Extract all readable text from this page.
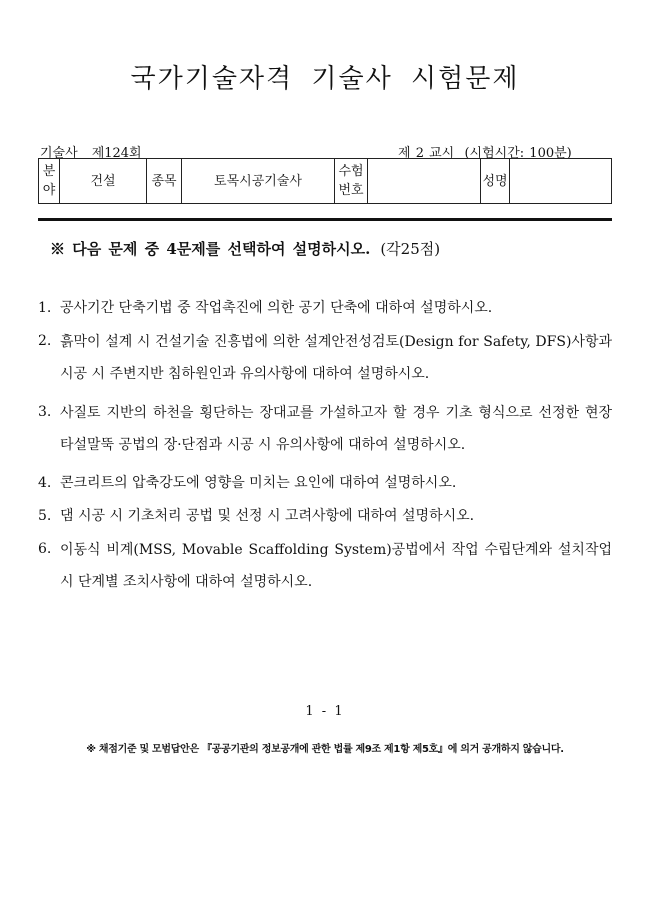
국가기술자격 기술사 시험문제
기술사 제124회	제 2 교시 (시험시간: 100분)
분야	건설	종목	토목시공기술사	수험번호		성명	
※ 다음 문제 중 4문제를 선택하여 설명하시오. (각25점)
1. 공사기간 단축기법 중 작업촉진에 의한 공기 단축에 대하여 설명하시오.
2. 흙막이 설계 시 건설기술 진흥법에 의한 설계안전성검토(Design for Safety, DFS)사항과 시공 시 주변지반 침하원인과 유의사항에 대하여 설명하시오.
3. 사질토 지반의 하천을 횡단하는 장대교를 가설하고자 할 경우 기초 형식으로 선정한 현장 타설말뚝 공법의 장·단점과 시공 시 유의사항에 대하여 설명하시오.
4. 콘크리트의 압축강도에 영향을 미치는 요인에 대하여 설명하시오.
5. 댐 시공 시 기초처리 공법 및 선정 시 고려사항에 대하여 설명하시오.
6. 이동식 비계(MSS, Movable Scaffolding System)공법에서 작업 수립단계와 설치작업 시 단계별 조치사항에 대하여 설명하시오.
1 - 1
※ 채점기준 및 모범답안은 『공공기관의 정보공개에 관한 법률 제9조 제1항 제5호』에 의거 공개하지 않습니다.
